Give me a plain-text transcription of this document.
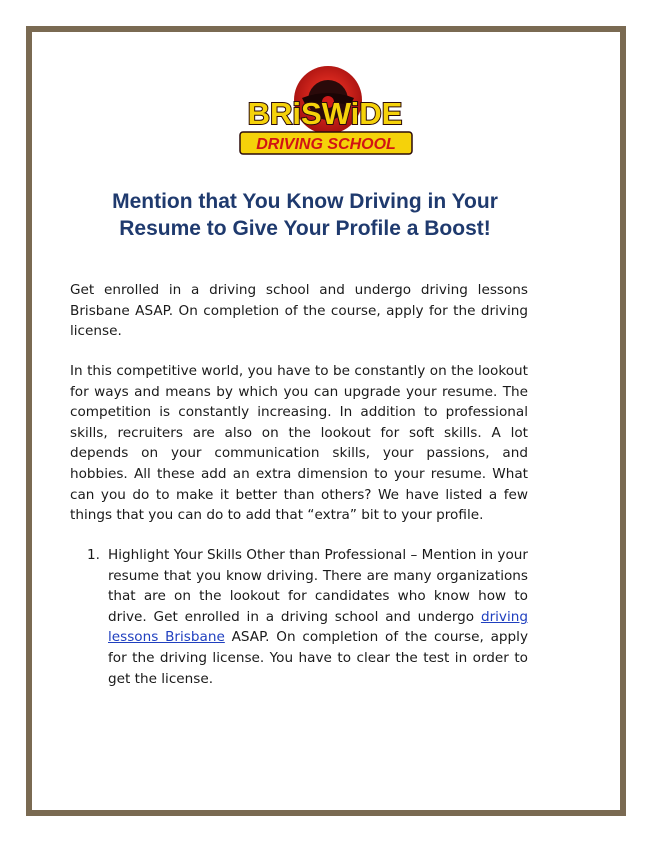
BRiSWiDE
DRIVING SCHOOL
Mention that You Know Driving in Your
Resume to Give Your Profile a Boost!

Get enrolled in a driving school and undergo driving lessons Brisbane ASAP. On completion of the course, apply for the driving license.

In this competitive world, you have to be constantly on the lookout for ways and means by which you can upgrade your resume. The competition is constantly increasing. In addition to professional skills, recruiters are also on the lookout for soft skills. A lot depends on your communication skills, your passions, and hobbies. All these add an extra dimension to your resume. What can you do to make it better than others? We have listed a few things that you can do to add that “extra” bit to your profile.

1. Highlight Your Skills Other than Professional – Mention in your resume that you know driving. There are many organizations that are on the lookout for candidates who know how to drive. Get enrolled in a driving school and undergo driving lessons Brisbane ASAP. On completion of the course, apply for the driving license. You have to clear the test in order to get the license.
